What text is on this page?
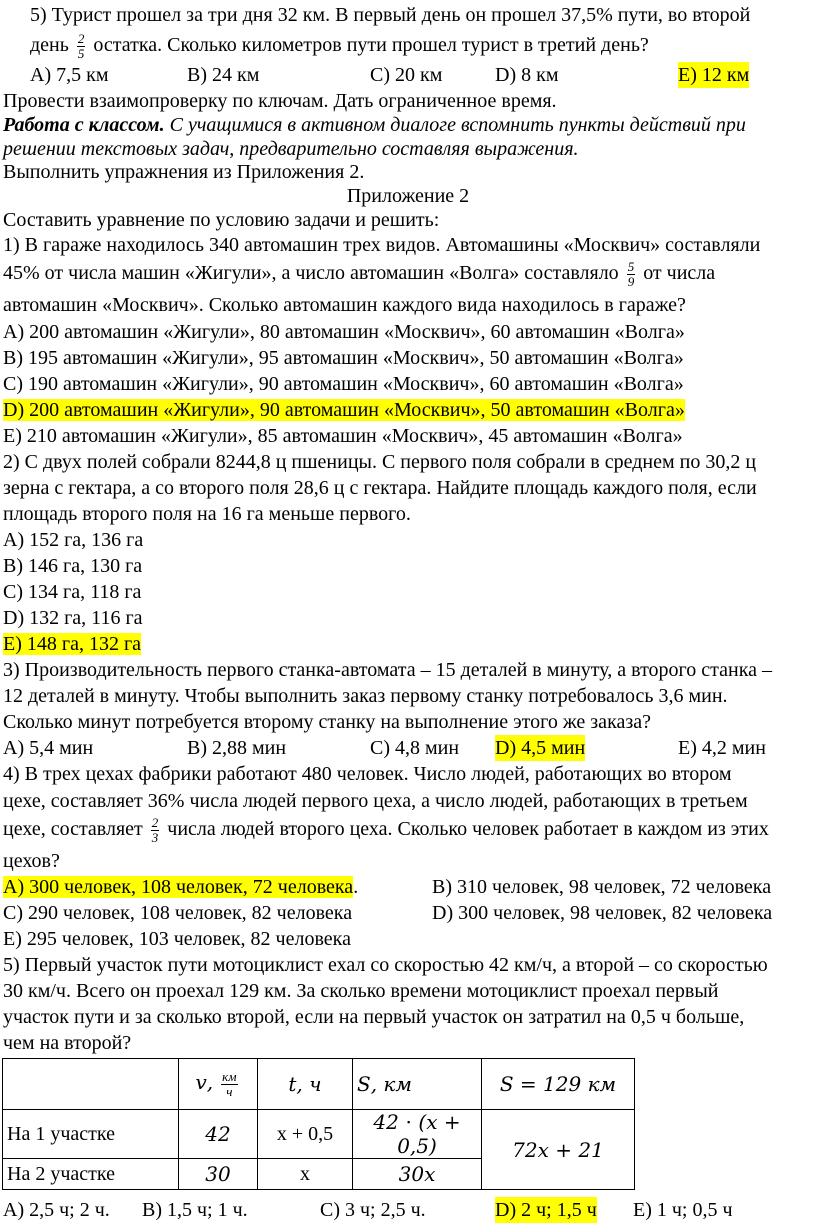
5) Турист прошел за три дня 32 км. В первый день он прошел 37,5% пути, во второй
день $\frac{2}{5}$ остатка. Сколько километров пути прошел турист в третий день?
А) 7,5 км	В) 24 км	С) 20 км	D) 8 км	Е) 12 км
Провести взаимопроверку по ключам. Дать ограниченное время.
Работа с классом. С учащимися в активном диалоге вспомнить пункты действий при
решении текстовых задач, предварительно составляя выражения.
Выполнить упражнения из Приложения 2.
Приложение 2
Составить уравнение по условию задачи и решить:
1) В гараже находилось 340 автомашин трех видов. Автомашины «Москвич» составляли
45% от числа машин «Жигули», а число автомашин «Волга» составляло $\frac{5}{9}$ от числа
автомашин «Москвич». Сколько автомашин каждого вида находилось в гараже?
А) 200 автомашин «Жигули», 80 автомашин «Москвич», 60 автомашин «Волга»
В) 195 автомашин «Жигули», 95 автомашин «Москвич», 50 автомашин «Волга»
С) 190 автомашин «Жигули», 90 автомашин «Москвич», 60 автомашин «Волга»
D) 200 автомашин «Жигули», 90 автомашин «Москвич», 50 автомашин «Волга»
Е) 210 автомашин «Жигули», 85 автомашин «Москвич», 45 автомашин «Волга»
2) С двух полей собрали 8244,8 ц пшеницы. С первого поля собрали в среднем по 30,2 ц
зерна с гектара, а со второго поля 28,6 ц с гектара. Найдите площадь каждого поля, если
площадь второго поля на 16 га меньше первого.
А) 152 га, 136 га
В) 146 га, 130 га
С) 134 га, 118 га
D) 132 га, 116 га
Е) 148 га, 132 га
3) Производительность первого станка-автомата – 15 деталей в минуту, а второго станка –
12 деталей в минуту. Чтобы выполнить заказ первому станку потребовалось 3,6 мин.
Сколько минут потребуется второму станку на выполнение этого же заказа?
А) 5,4 мин	В) 2,88 мин	С) 4,8 мин D) 4,5 мин	Е) 4,2 мин
4) В трех цехах фабрики работают 480 человек. Число людей, работающих во втором
цехе, составляет 36% числа людей первого цеха, а число людей, работающих в третьем
цехе, составляет $\frac{2}{3}$ числа людей второго цеха. Сколько человек работает в каждом из этих
цехов?
А) 300 человек, 108 человек, 72 человека.	В) 310 человек, 98 человек, 72 человека
С) 290 человек, 108 человек, 82 человека	D) 300 человек, 98 человек, 82 человека
Е) 295 человек, 103 человек, 82 человека
5) Первый участок пути мотоциклист ехал со скоростью 42 км/ч, а второй – со скоростью
30 км/ч. Всего он проехал 129 км. За сколько времени мотоциклист проехал первый
участок пути и за сколько второй, если на первый участок он затратил на 0,5 ч больше,
чем на второй?
	𝑣, $\frac{км}{ч}$	𝑡, ч	𝑆, км	𝑆 = 129 км
На 1 участке	42	x + 0,5	42 ⋅ (𝑥 + 0,5)	72𝑥 + 21
На 2 участке	30	x	30𝑥	
А) 2,5 ч; 2 ч. В) 1,5 ч; 1 ч.	С) 3 ч; 2,5 ч.	D) 2 ч; 1,5 ч Е) 1 ч; 0,5 ч
